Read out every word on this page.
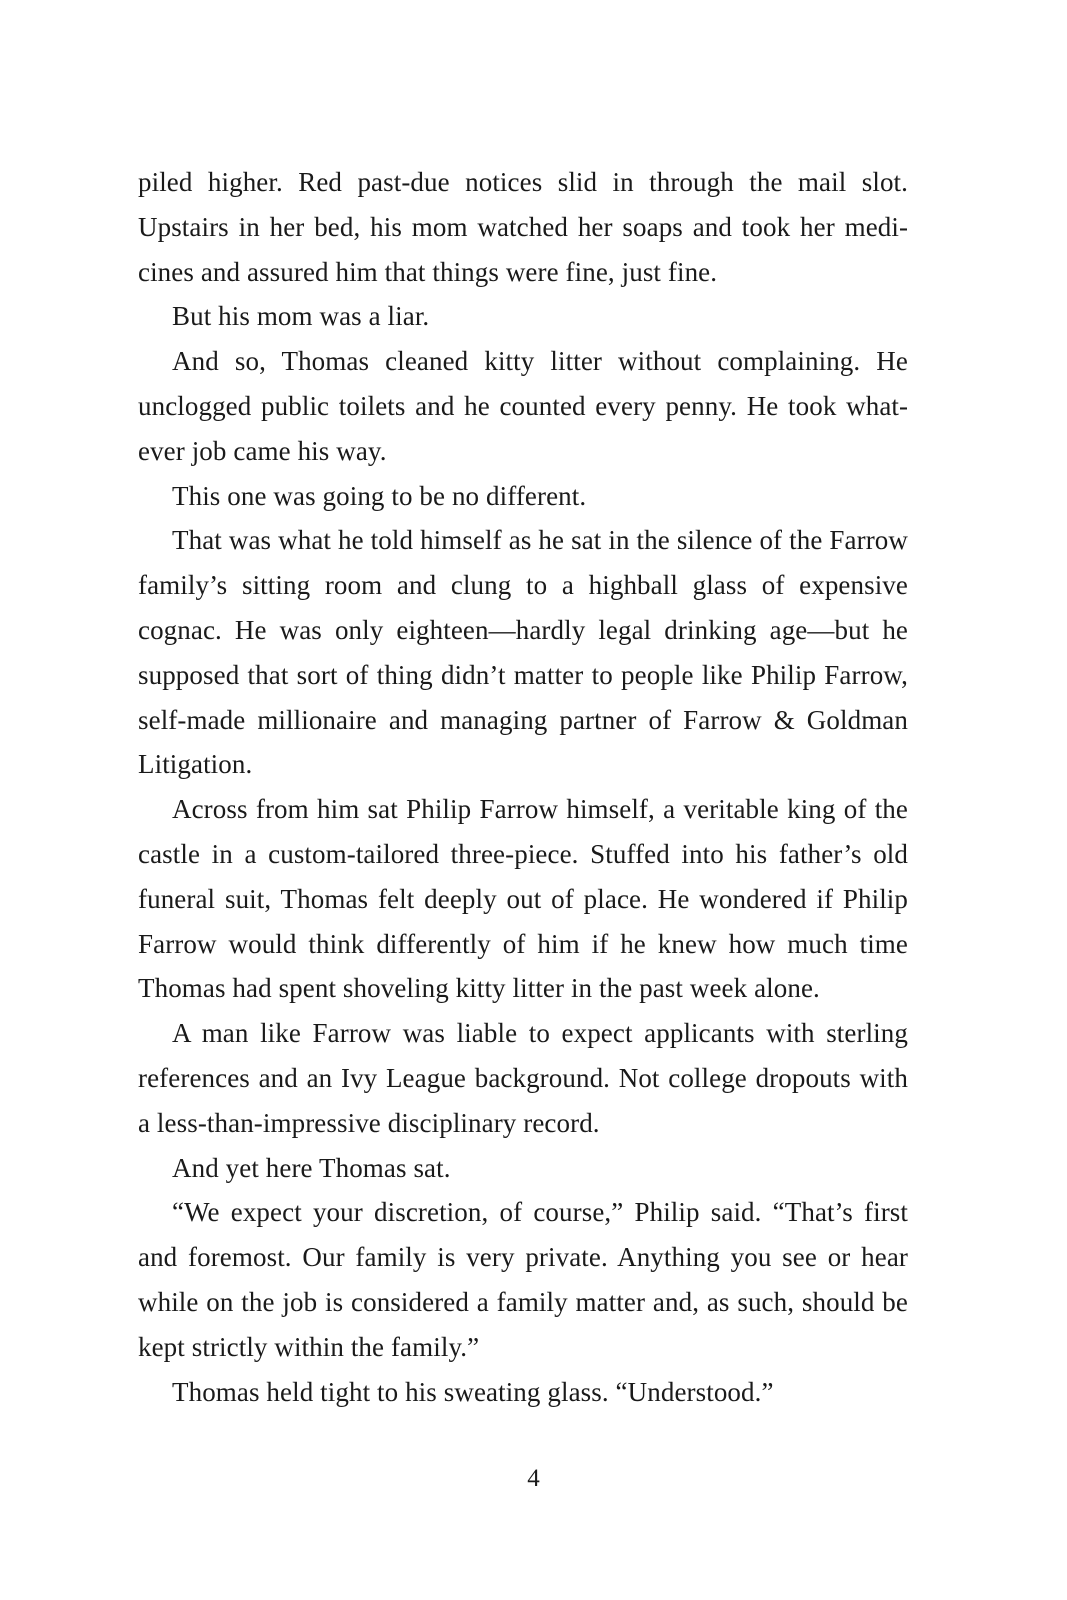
piled higher. Red past-due notices slid in through the mail slot. Upstairs in her bed, his mom watched her soaps and took her medicines and assured him that things were fine, just fine.

But his mom was a liar.

And so, Thomas cleaned kitty litter without complaining. He unclogged public toilets and he counted every penny. He took whatever job came his way.

This one was going to be no different.

That was what he told himself as he sat in the silence of the Farrow family’s sitting room and clung to a highball glass of expensive cognac. He was only eighteen—hardly legal drinking age—but he supposed that sort of thing didn’t matter to people like Philip Farrow, self-made millionaire and managing partner of Farrow & Goldman Litigation.

Across from him sat Philip Farrow himself, a veritable king of the castle in a custom-tailored three-piece. Stuffed into his father’s old funeral suit, Thomas felt deeply out of place. He wondered if Philip Farrow would think differently of him if he knew how much time Thomas had spent shoveling kitty litter in the past week alone.

A man like Farrow was liable to expect applicants with sterling references and an Ivy League background. Not college dropouts with a less-than-impressive disciplinary record.

And yet here Thomas sat.

“We expect your discretion, of course,” Philip said. “That’s first and foremost. Our family is very private. Anything you see or hear while on the job is considered a family matter and, as such, should be kept strictly within the family.”

Thomas held tight to his sweating glass. “Understood.”

4
